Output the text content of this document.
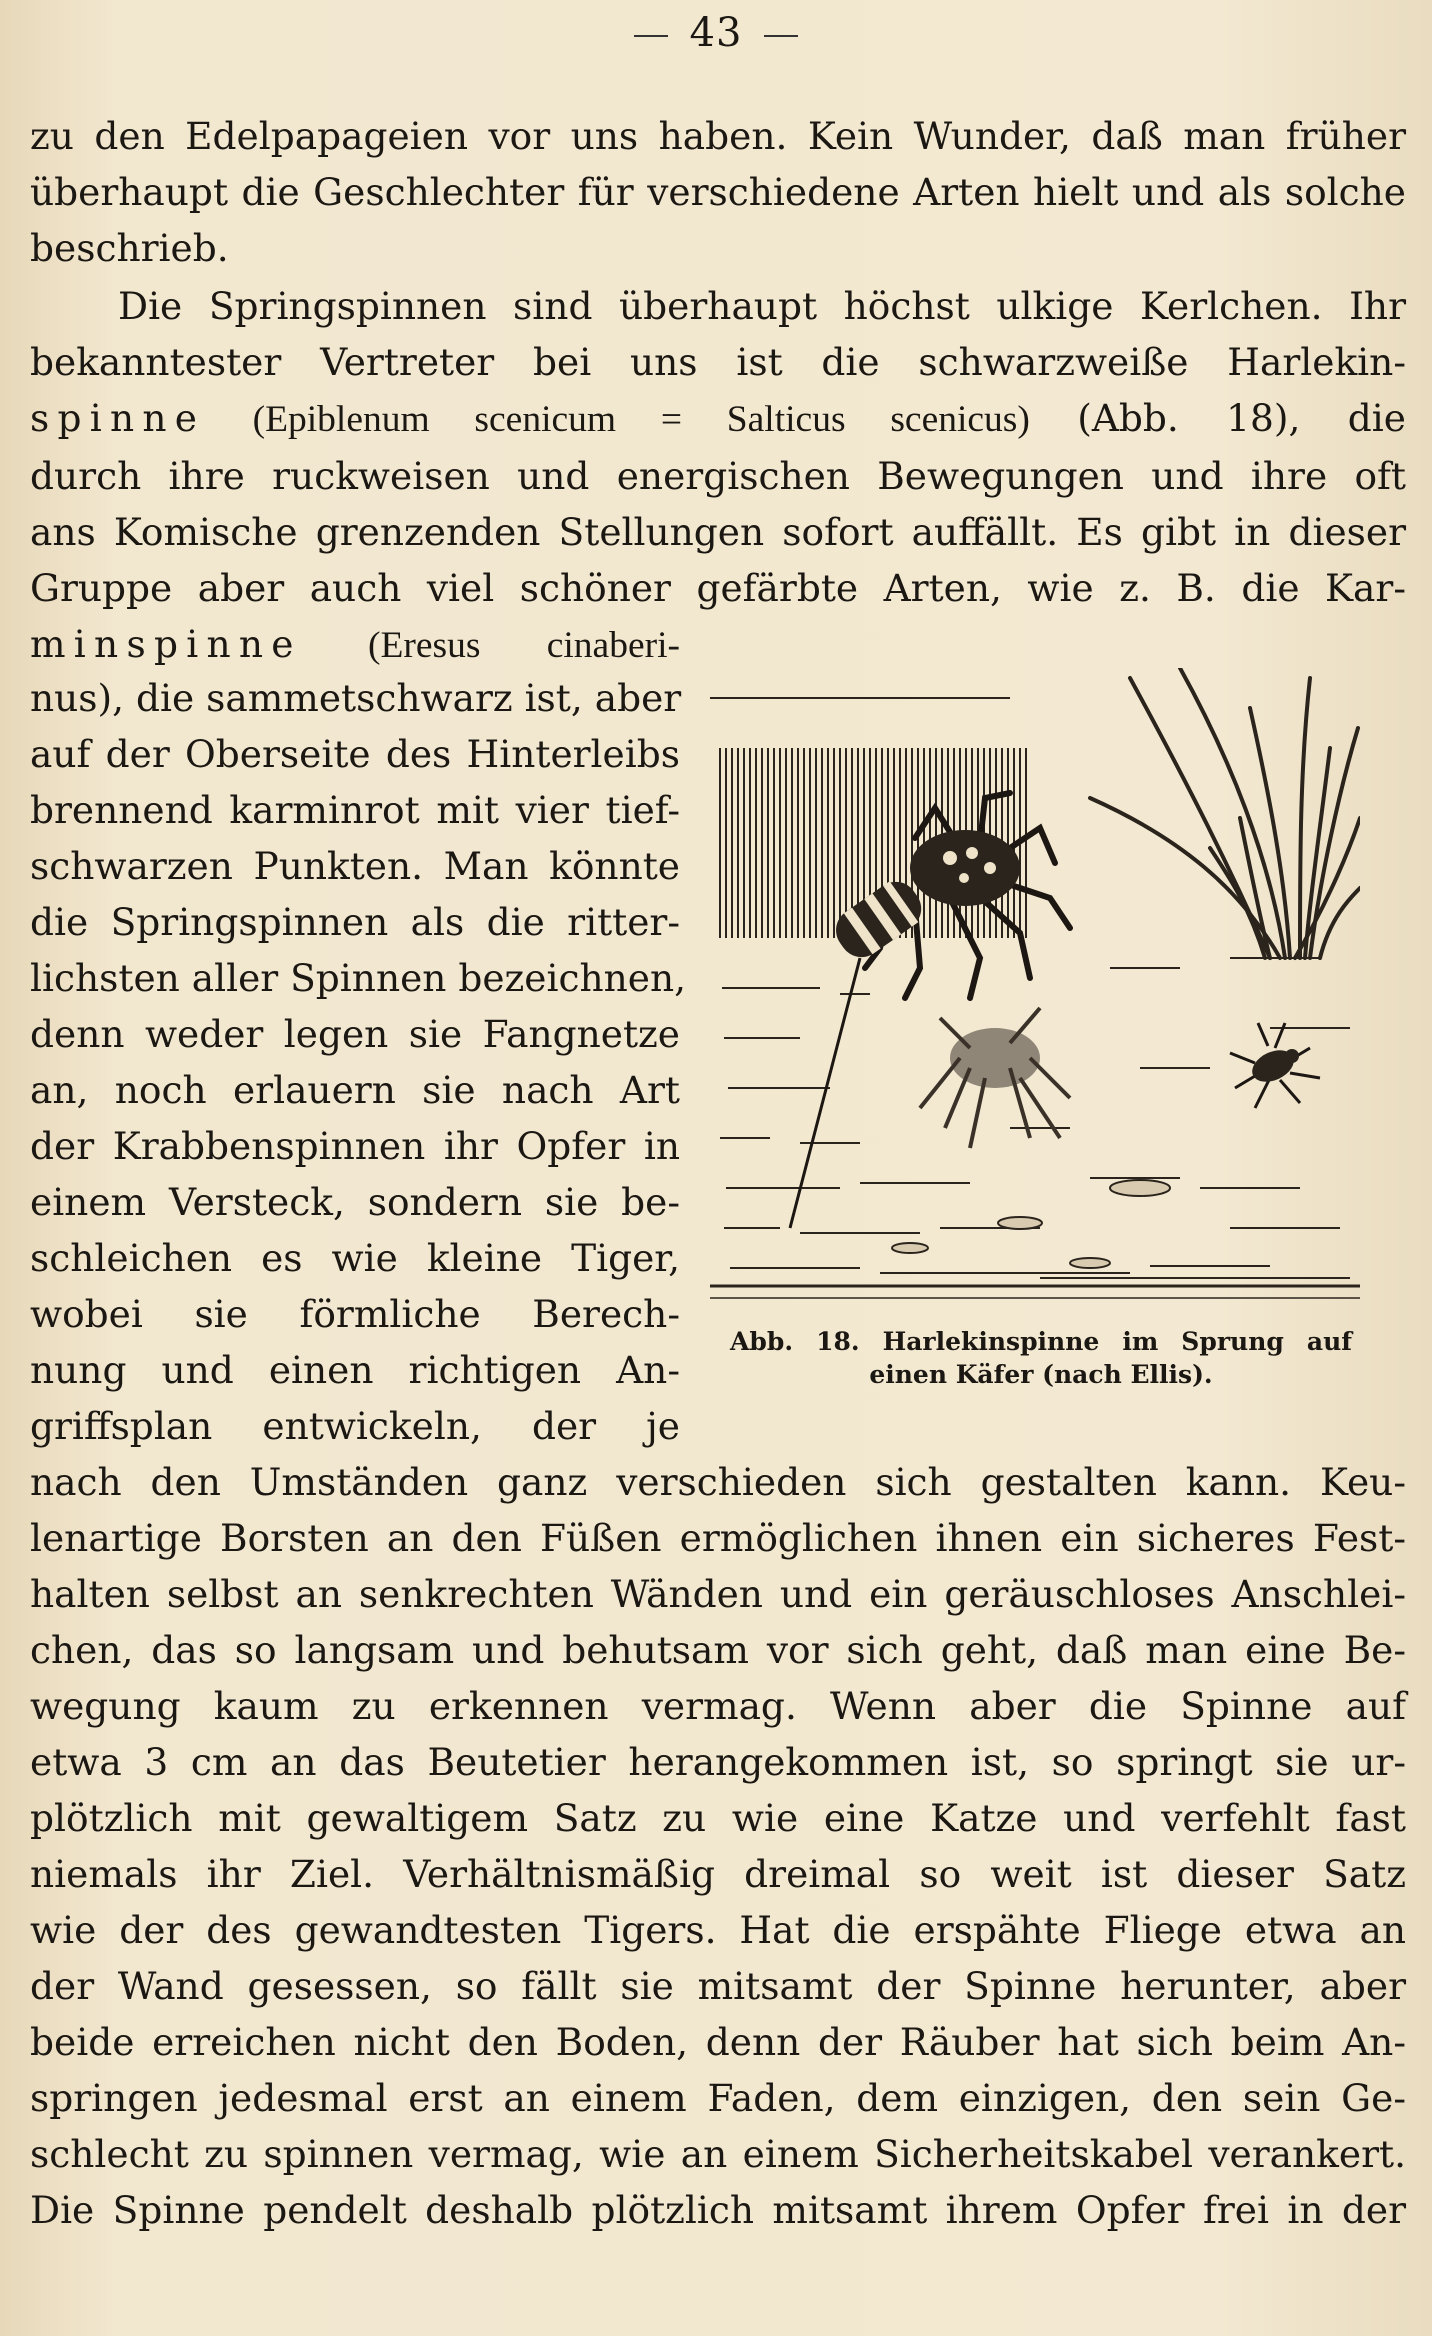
43
zu den Edelpapageien vor uns haben. Kein Wunder, daß man früher
überhaupt die Geschlechter für verschiedene Arten hielt und als solche
beschrieb.
Die Springspinnen sind überhaupt höchst ulkige Kerlchen. Ihr
bekanntester Vertreter bei uns ist die schwarzweiße Harlekin-
spinne (Epiblenum scenicum = Salticus scenicus) (Abb. 18), die
durch ihre ruckweisen und energischen Bewegungen und ihre oft
ans Komische grenzenden Stellungen sofort auffällt. Es gibt in dieser
Gruppe aber auch viel schöner gefärbte Arten, wie z. B. die Kar-
minspinne (Eresus cinaberi-
nus), die sammetschwarz ist, aber
auf der Oberseite des Hinterleibs
brennend karminrot mit vier tief-
schwarzen Punkten. Man könnte
die Springspinnen als die ritter-
lichsten aller Spinnen bezeichnen,
denn weder legen sie Fangnetze
an, noch erlauern sie nach Art
der Krabbenspinnen ihr Opfer in
einem Versteck, sondern sie be-
schleichen es wie kleine Tiger,
wobei sie förmliche Berech-
nung und einen richtigen An-
griffsplan entwickeln, der je
nach den Umständen ganz verschieden sich gestalten kann. Keu-
lenartige Borsten an den Füßen ermöglichen ihnen ein sicheres Fest-
halten selbst an senkrechten Wänden und ein geräuschloses Anschlei-
chen, das so langsam und behutsam vor sich geht, daß man eine Be-
wegung kaum zu erkennen vermag. Wenn aber die Spinne auf
etwa 3 cm an das Beutetier herangekommen ist, so springt sie ur-
plötzlich mit gewaltigem Satz zu wie eine Katze und verfehlt fast
niemals ihr Ziel. Verhältnismäßig dreimal so weit ist dieser Satz
wie der des gewandtesten Tigers. Hat die erspähte Fliege etwa an
der Wand gesessen, so fällt sie mitsamt der Spinne herunter, aber
beide erreichen nicht den Boden, denn der Räuber hat sich beim An-
springen jedesmal erst an einem Faden, dem einzigen, den sein Ge-
schlecht zu spinnen vermag, wie an einem Sicherheitskabel verankert.
Die Spinne pendelt deshalb plötzlich mitsamt ihrem Opfer frei in der
Abb. 18. Harlekinspinne im Sprung auf
einen Käfer (nach Ellis).
